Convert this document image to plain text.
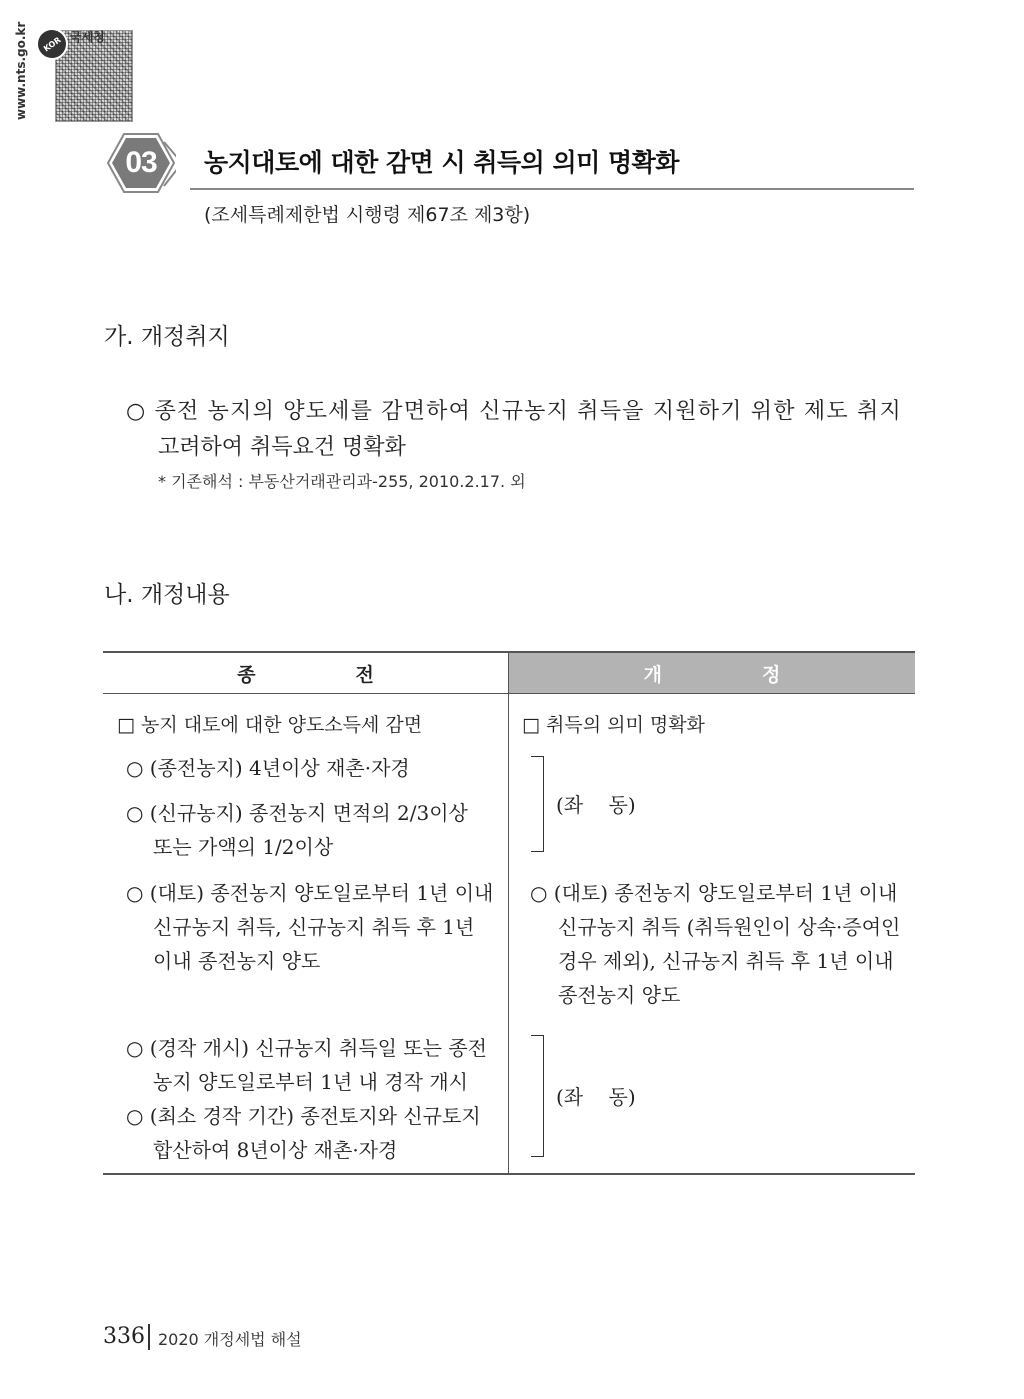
KOR 국세청
www.nts.go.kr
03	농지대토에 대한 감면 시 취득의 의미 명확화
(조세특례제한법 시행령 제67조 제3항)
가. 개정취지
○ 종전 농지의 양도세를 감면하여 신규농지 취득을 지원하기 위한 제도 취지
고려하여 취득요건 명확화
* 기존해석 : 부동산거래관리과-255, 2010.2.17. 외
나. 개정내용
종전	개정
□ 농지 대토에 대한 양도소득세 감면
○ (종전농지) 4년이상 재촌·자경
○ (신규농지) 종전농지 면적의 2/3이상
또는 가액의 1/2이상
○ (대토) 종전농지 양도일로부터 1년 이내
신규농지 취득, 신규농지 취득 후 1년
이내 종전농지 양도
○ (경작 개시) 신규농지 취득일 또는 종전
농지 양도일로부터 1년 내 경작 개시
○ (최소 경작 기간) 종전토지와 신규토지
합산하여 8년이상 재촌·자경
□ 취득의 의미 명확화
(좌    동)
○ (대토) 종전농지 양도일로부터 1년 이내
신규농지 취득 (취득원인이 상속·증여인
경우 제외), 신규농지 취득 후 1년 이내
종전농지 양도
(좌    동)
336 2020 개정세법 해설
